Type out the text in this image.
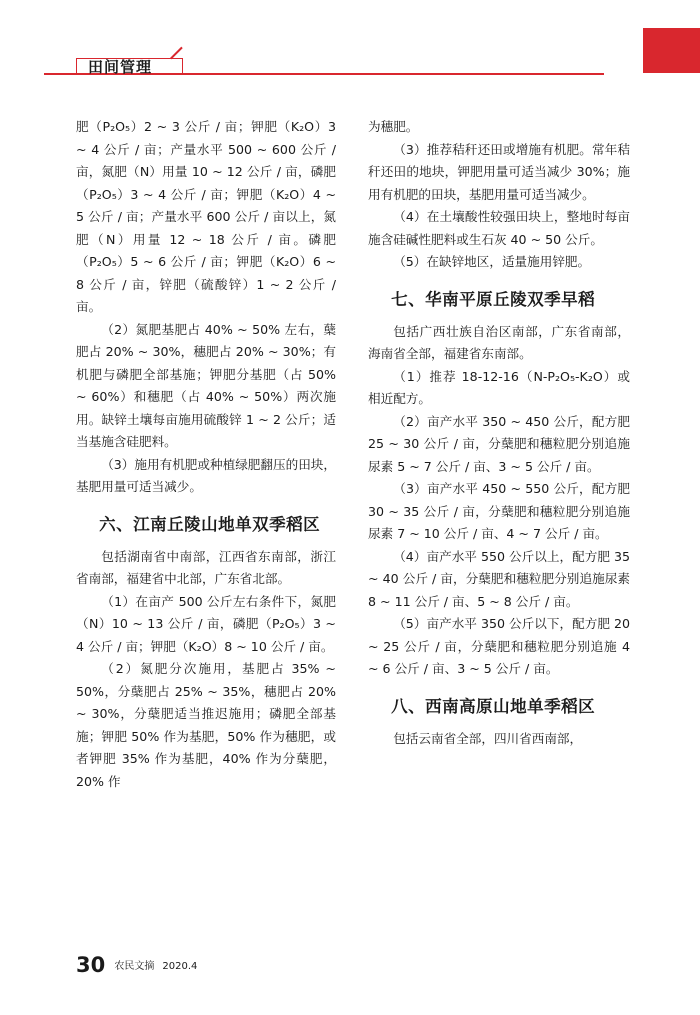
田间管理

肥（P₂O₅）2 ~ 3 公斤 / 亩；钾肥（K₂O）3 ~ 4 公斤 / 亩；产量水平 500 ~ 600 公斤 / 亩，氮肥（N）用量 10 ~ 12 公斤 / 亩，磷肥（P₂O₅）3 ~ 4 公斤 / 亩；钾肥（K₂O）4 ~ 5 公斤 / 亩；产量水平 600 公斤 / 亩以上，氮肥（N）用量 12 ~ 18 公斤 / 亩。磷肥（P₂O₅）5 ~ 6 公斤 / 亩；钾肥（K₂O）6 ~ 8 公斤 / 亩，锌肥（硫酸锌）1 ~ 2 公斤 / 亩。

（2）氮肥基肥占 40% ~ 50% 左右，蘖肥占 20% ~ 30%，穗肥占 20% ~ 30%；有机肥与磷肥全部基施；钾肥分基肥（占 50% ~ 60%）和穗肥（占 40% ~ 50%）两次施用。缺锌土壤每亩施用硫酸锌 1 ~ 2 公斤；适当基施含硅肥料。

（3）施用有机肥或种植绿肥翻压的田块，基肥用量可适当减少。

六、江南丘陵山地单双季稻区

包括湖南省中南部，江西省东南部，浙江省南部，福建省中北部，广东省北部。

（1）在亩产 500 公斤左右条件下，氮肥（N）10 ~ 13 公斤 / 亩，磷肥（P₂O₅）3 ~ 4 公斤 / 亩；钾肥（K₂O）8 ~ 10 公斤 / 亩。

（2）氮肥分次施用，基肥占 35% ~ 50%，分蘖肥占 25% ~ 35%，穗肥占 20% ~ 30%，分蘖肥适当推迟施用；磷肥全部基施；钾肥 50% 作为基肥，50% 作为穗肥，或者钾肥 35% 作为基肥，40% 作为分蘖肥，20% 作

为穗肥。

（3）推荐秸秆还田或增施有机肥。常年秸秆还田的地块，钾肥用量可适当减少 30%；施用有机肥的田块，基肥用量可适当减少。

（4）在土壤酸性较强田块上，整地时每亩施含硅碱性肥料或生石灰 40 ~ 50 公斤。

（5）在缺锌地区，适量施用锌肥。

七、华南平原丘陵双季早稻

包括广西壮族自治区南部，广东省南部，海南省全部，福建省东南部。

（1）推荐 18-12-16（N-P₂O₅-K₂O）或相近配方。

（2）亩产水平 350 ~ 450 公斤，配方肥 25 ~ 30 公斤 / 亩，分蘖肥和穗粒肥分别追施尿素 5 ~ 7 公斤 / 亩、3 ~ 5 公斤 / 亩。

（3）亩产水平 450 ~ 550 公斤，配方肥 30 ~ 35 公斤 / 亩，分蘖肥和穗粒肥分别追施尿素 7 ~ 10 公斤 / 亩、4 ~ 7 公斤 / 亩。

（4）亩产水平 550 公斤以上，配方肥 35 ~ 40 公斤 / 亩，分蘖肥和穗粒肥分别追施尿素 8 ~ 11 公斤 / 亩、5 ~ 8 公斤 / 亩。

（5）亩产水平 350 公斤以下，配方肥 20 ~ 25 公斤 / 亩，分蘖肥和穗粒肥分别追施 4 ~ 6 公斤 / 亩、3 ~ 5 公斤 / 亩。

八、西南高原山地单季稻区

包括云南省全部，四川省西南部，

30 农民文摘 2020.4
